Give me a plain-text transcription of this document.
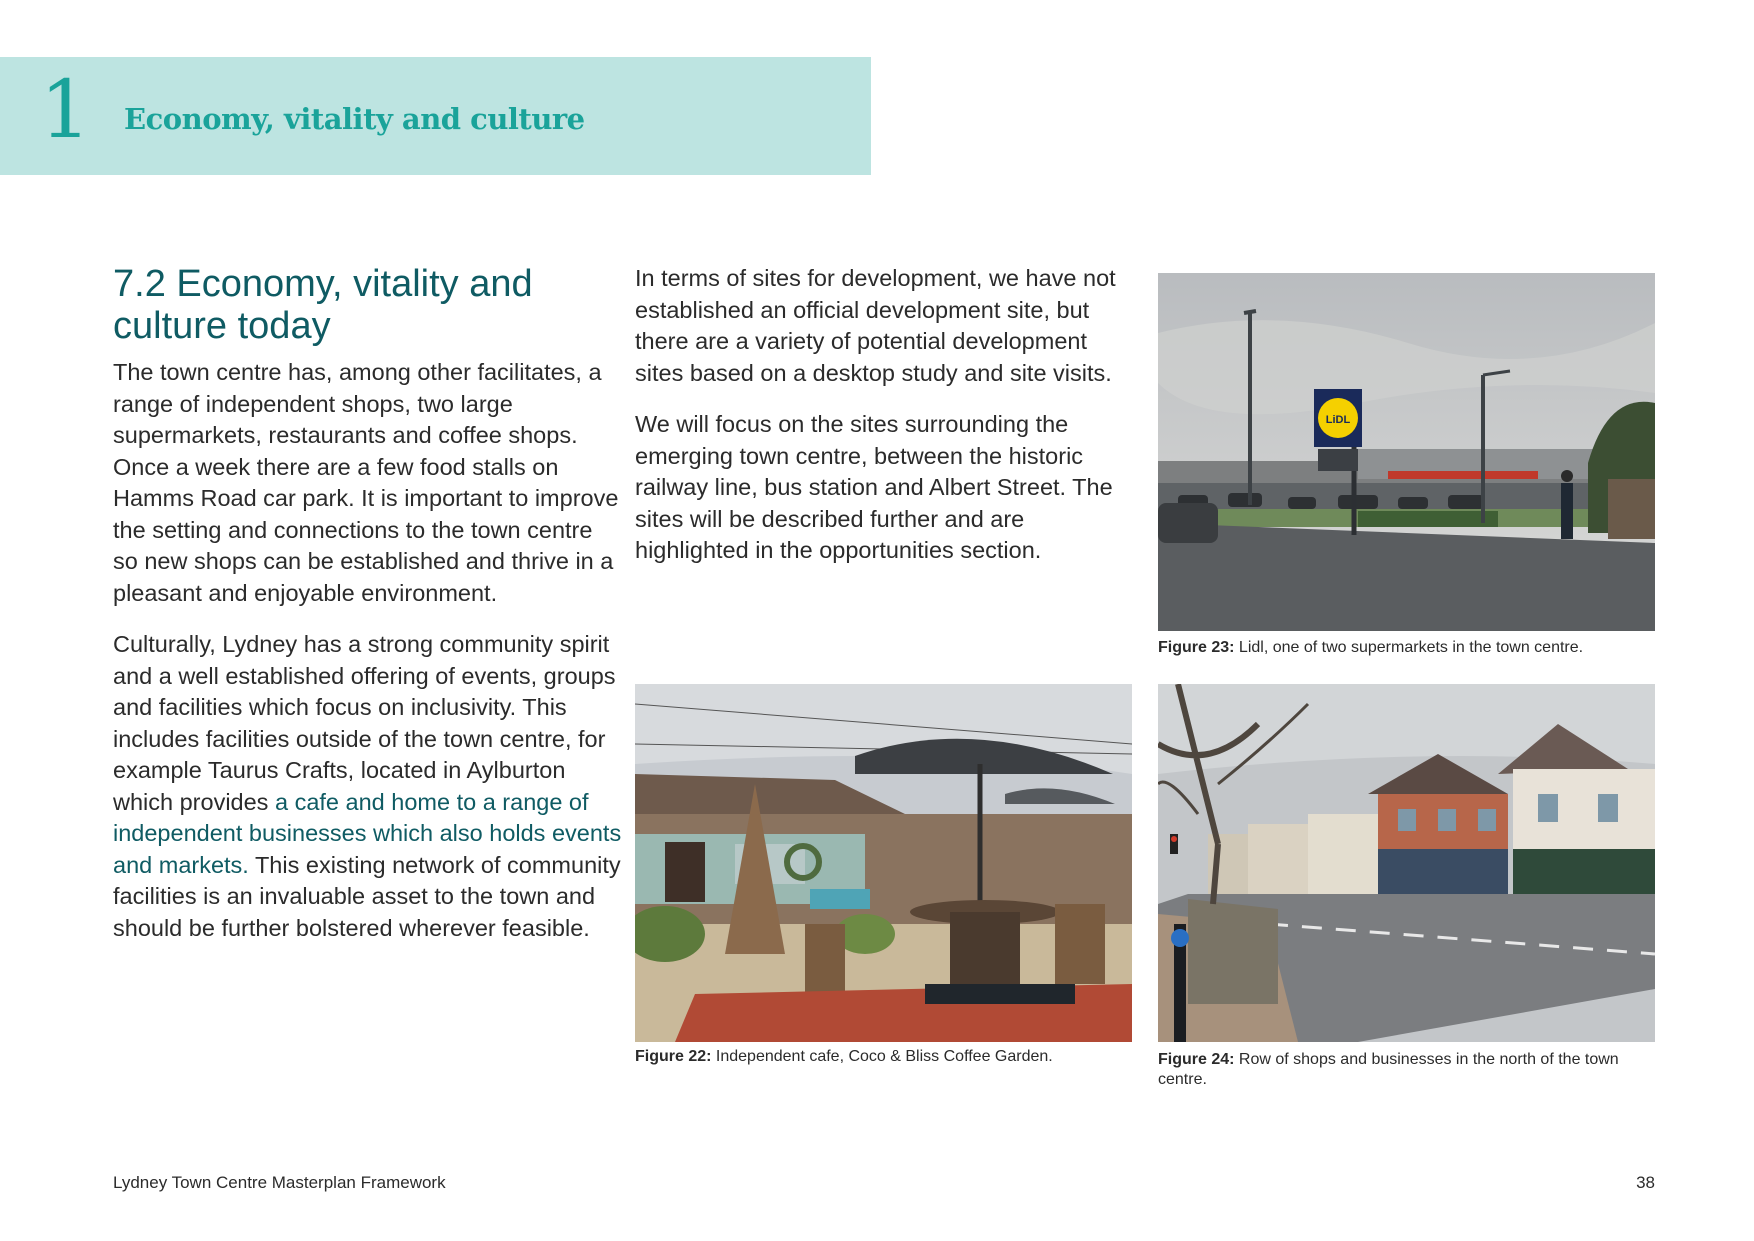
1 Economy, vitality and culture
7.2 Economy, vitality and culture today

The town centre has, among other facilitates, a range of independent shops, two large supermarkets, restaurants and coffee shops. Once a week there are a few food stalls on Hamms Road car park. It is important to improve the setting and connections to the town centre so new shops can be established and thrive in a pleasant and enjoyable environment.

Culturally, Lydney has a strong community spirit and a well established offering of events, groups and facilities which focus on inclusivity. This includes facilities outside of the town centre, for example Taurus Crafts, located in Aylburton which provides a cafe and home to a range of independent businesses which also holds events and markets. This existing network of community facilities is an invaluable asset to the town and should be further bolstered wherever feasible.

In terms of sites for development, we have not established an official development site, but there are a variety of potential development sites based on a desktop study and site visits.

We will focus on the sites surrounding the emerging town centre, between the historic railway line, bus station and Albert Street. The sites will be described further and are highlighted in the opportunities section.

LiDL
Figure 23: Lidl, one of two supermarkets in the town centre.
Figure 22: Independent cafe, Coco & Bliss Coffee Garden.	Figure 24: Row of shops and businesses in the north of the town centre.
Lydney Town Centre Masterplan Framework	38
